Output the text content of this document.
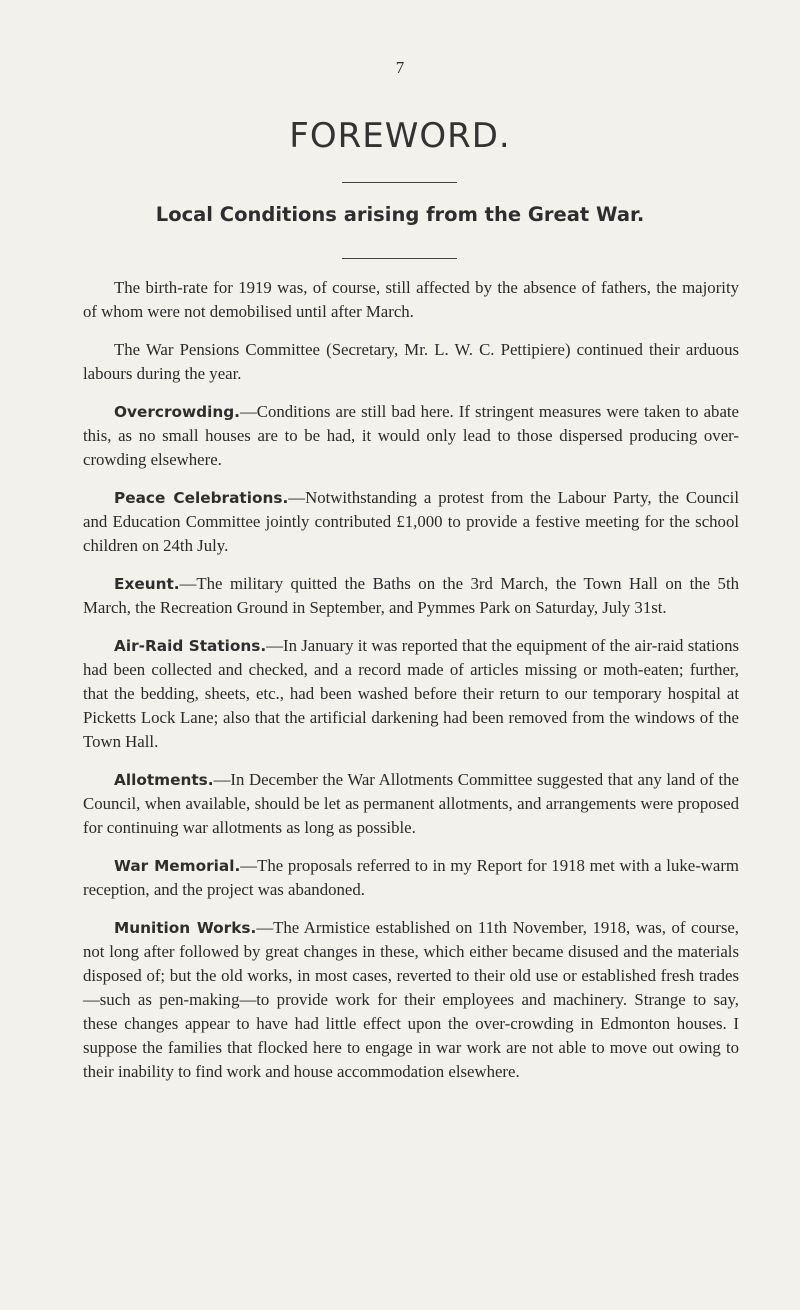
7
FOREWORD.
Local Conditions arising from the Great War.

The birth-rate for 1919 was, of course, still affected by the absence of fathers, the majority of whom were not demobilised until after March.

The War Pensions Committee (Secretary, Mr. L. W. C. Pettipiere) continued their arduous labours during the year.

Overcrowding.—Conditions are still bad here. If stringent measures were taken to abate this, as no small houses are to be had, it would only lead to those dispersed producing over-crowding elsewhere.

Peace Celebrations.—Notwithstanding a protest from the Labour Party, the Council and Education Committee jointly contributed £1,000 to provide a festive meeting for the school children on 24th July.

Exeunt.—The military quitted the Baths on the 3rd March, the Town Hall on the 5th March, the Recreation Ground in September, and Pymmes Park on Saturday, July 31st.

Air-Raid Stations.—In January it was reported that the equipment of the air-raid stations had been collected and checked, and a record made of articles missing or moth-eaten; further, that the bedding, sheets, etc., had been washed before their return to our temporary hospital at Picketts Lock Lane; also that the artificial darkening had been removed from the windows of the Town Hall.

Allotments.—In December the War Allotments Committee suggested that any land of the Council, when available, should be let as permanent allotments, and arrangements were proposed for continuing war allotments as long as possible.

War Memorial.—The proposals referred to in my Report for 1918 met with a luke-warm reception, and the project was abandoned.

Munition Works.—The Armistice established on 11th November, 1918, was, of course, not long after followed by great changes in these, which either became disused and the materials disposed of; but the old works, in most cases, reverted to their old use or established fresh trades—such as pen-making—to provide work for their employees and machinery. Strange to say, these changes appear to have had little effect upon the over-crowding in Edmonton houses. I suppose the families that flocked here to engage in war work are not able to move out owing to their inability to find work and house accommodation elsewhere.
